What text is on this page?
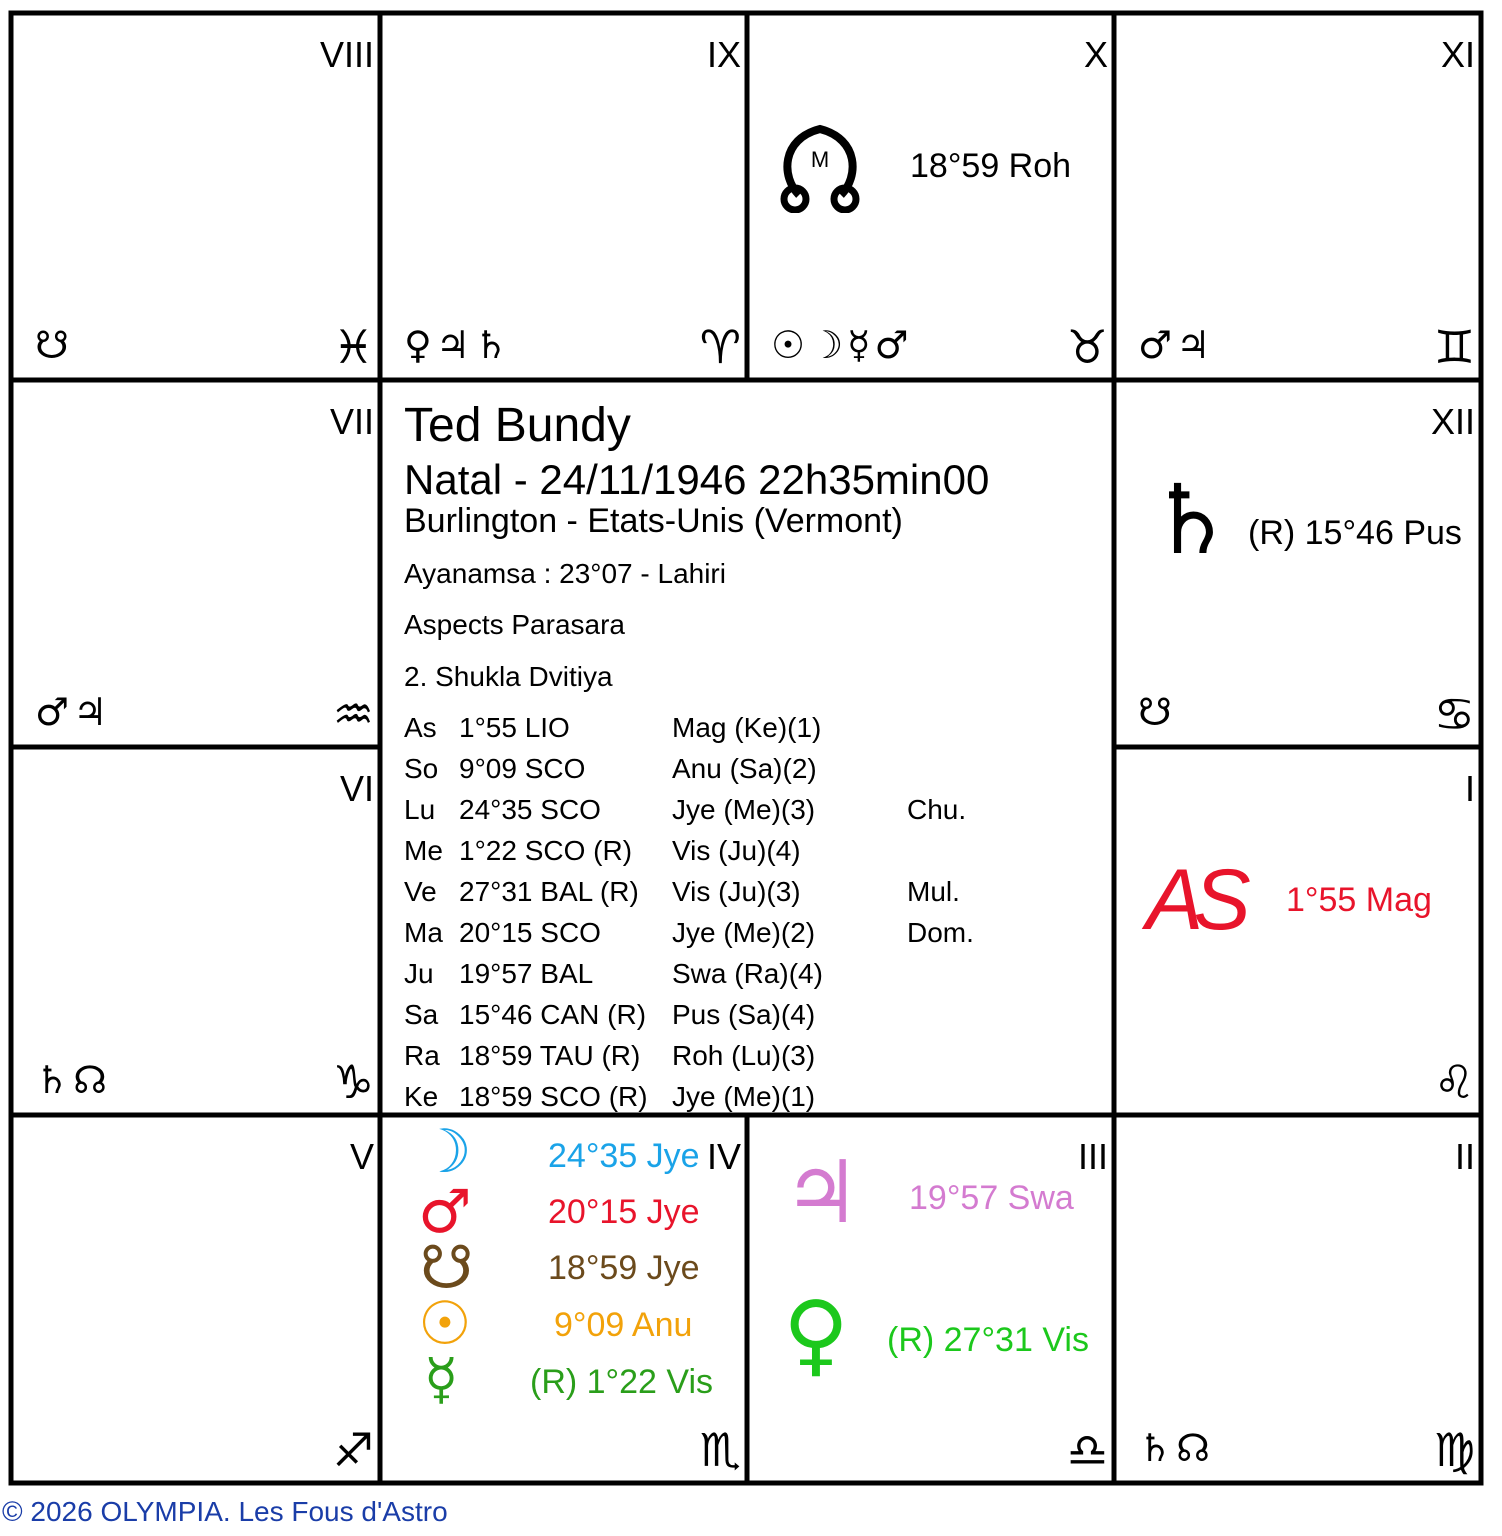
VIII
☋	♓
IX
♀♃♄	♈
X
M 18°59 Roh
☉☽☿♂	♉
XI
♂♃	♊
VII
♂♃	♒
XII
♄ (R) 15°46 Pus
☋	♋
VI
♄☊	♑
I
AS 1°55 Mag
♌
V
♐
IV
☽ 24°35 Jye
♂ 20°15 Jye
☋ 18°59 Jye
☉ 9°09 Anu
☿ (R) 1°22 Vis
♏
III
♃ 19°57 Swa
♀ (R) 27°31 Vis
♎
II
♄☊	♍
Ted Bundy
Natal - 24/11/1946 22h35min00
Burlington - Etats-Unis (Vermont)
Ayanamsa : 23°07 - Lahiri
Aspects Parasara
2. Shukla Dvitiya
As 1°55 LIO	Mag (Ke)(1)
So 9°09 SCO	Anu (Sa)(2)
Lu 24°35 SCO	Jye (Me)(3)	Chu.
Me 1°22 SCO (R) Vis (Ju)(4)
Ve 27°31 BAL (R) Vis (Ju)(3)	Mul.
Ma 20°15 SCO	Jye (Me)(2)	Dom.
Ju 19°57 BAL	Swa (Ra)(4)
Sa 15°46 CAN (R) Pus (Sa)(4)
Ra 18°59 TAU (R) Roh (Lu)(3)
Ke 18°59 SCO (R) Jye (Me)(1)
© 2026 OLYMPIA. Les Fous d'Astro
